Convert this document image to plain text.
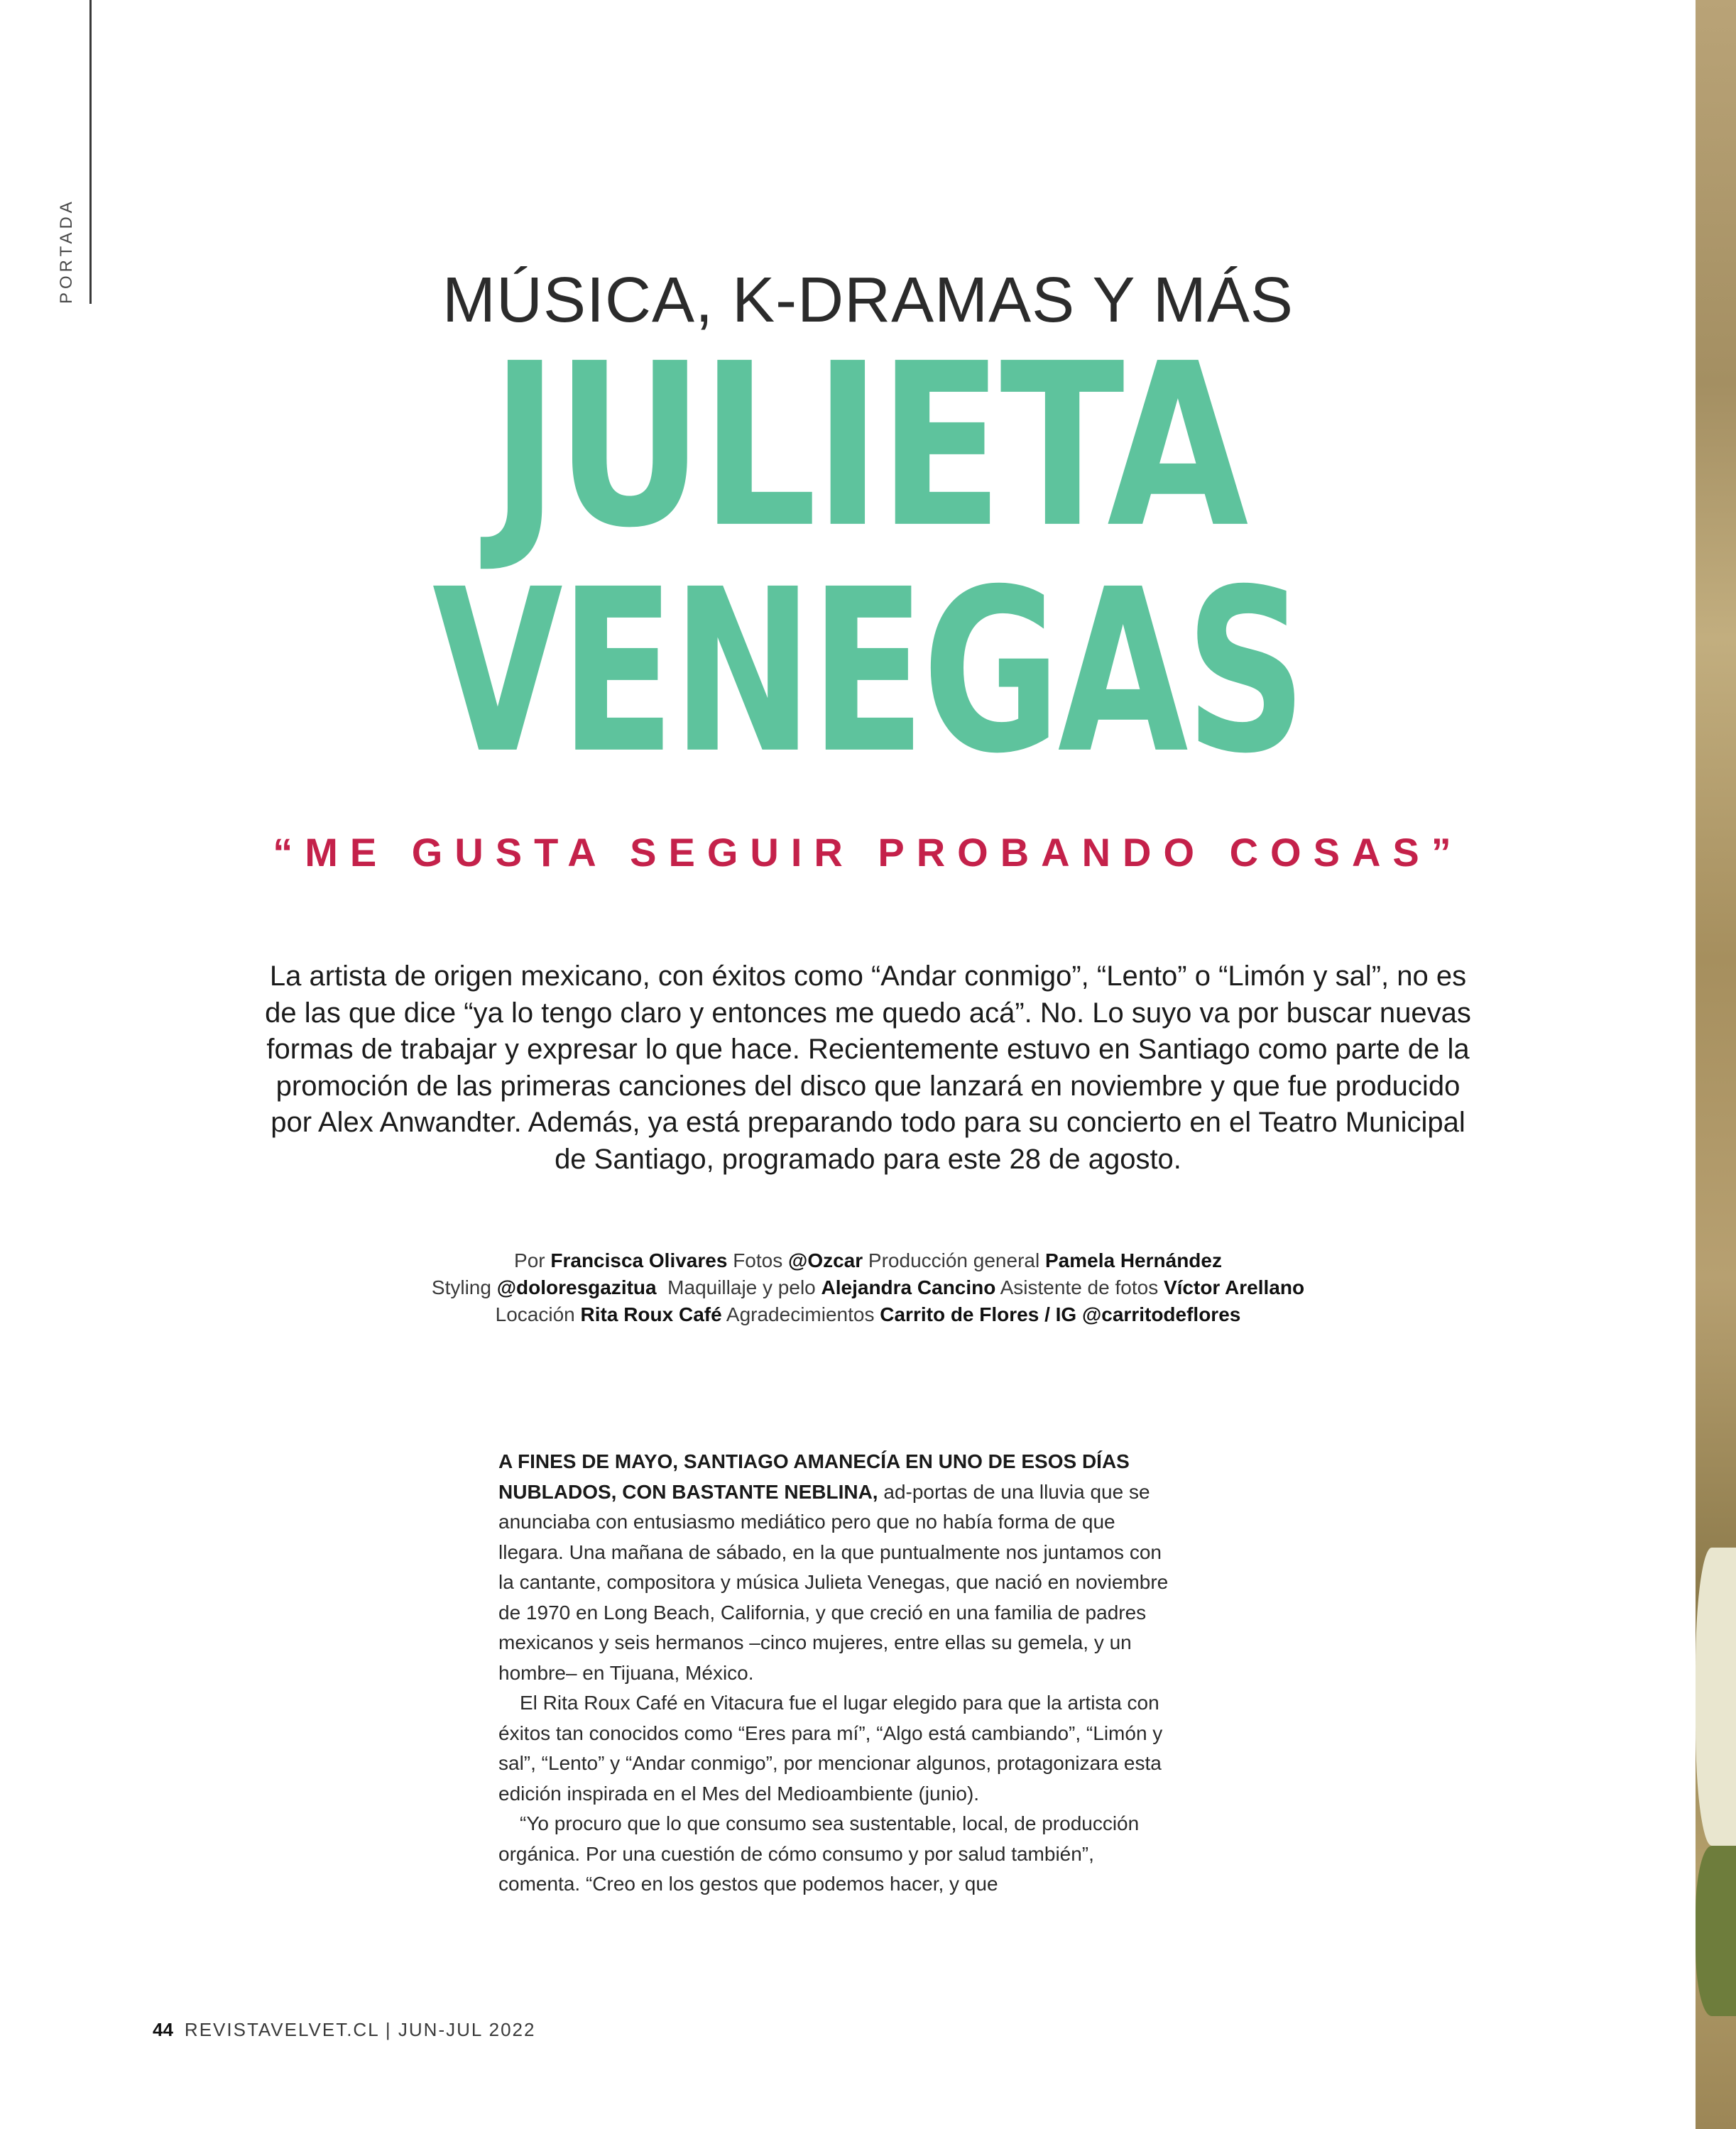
PORTADA	MÚSICA, K-DRAMAS Y MÁS
JULIETA
VENEGAS
“ME GUSTA SEGUIR PROBANDO COSAS”
La artista de origen mexicano, con éxitos como “Andar conmigo”, “Lento” o “Limón y sal”, no es de las que dice “ya lo tengo claro y entonces me quedo acá”. No. Lo suyo va por buscar nuevas formas de trabajar y expresar lo que hace. Recientemente estuvo en Santiago como parte de la promoción de las primeras canciones del disco que lanzará en noviembre y que fue producido por Alex Anwandter. Además, ya está preparando todo para su concierto en el Teatro Municipal de Santiago, programado para este 28 de agosto.
Por Francisca Olivares Fotos @Ozcar Producción general Pamela Hernández
Styling @doloresgazitua Maquillaje y pelo Alejandra Cancino Asistente de fotos Víctor Arellano
Locación Rita Roux Café Agradecimientos Carrito de Flores / IG @carritodeflores

A FINES DE MAYO, SANTIAGO AMANECÍA EN UNO DE ESOS DÍAS NUBLADOS, CON BASTANTE NEBLINA, ad-portas de una lluvia que se anunciaba con entusiasmo mediático pero que no había forma de que llegara. Una mañana de sábado, en la que puntualmente nos juntamos con la cantante, compositora y música Julieta Venegas, que nació en noviembre de 1970 en Long Beach, California, y que creció en una familia de padres mexicanos y seis hermanos –cinco mujeres, entre ellas su gemela, y un hombre– en Tijuana, México.

El Rita Roux Café en Vitacura fue el lugar elegido para que la artista con éxitos tan conocidos como “Eres para mí”, “Algo está cambiando”, “Limón y sal”, “Lento” y “Andar conmigo”, por mencionar algunos, protagonizara esta edición inspirada en el Mes del Medioambiente (junio).

“Yo procuro que lo que consumo sea sustentable, local, de producción orgánica. Por una cuestión de cómo consumo y por salud también”, comenta. “Creo en los gestos que podemos hacer, y que

44 REVISTAVELVET.CL | JUN-JUL 2022
